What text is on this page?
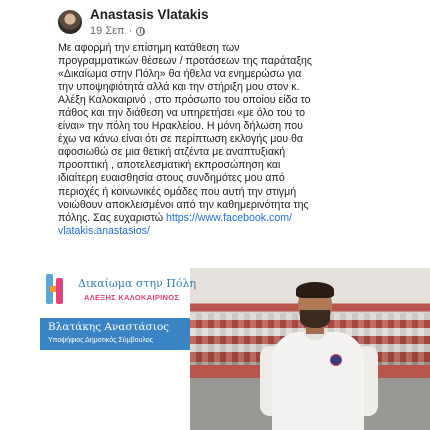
Anastasis Vlatakis
19 Σεπ ·
Με αφορμή την επίσημη κατάθεση των
προγραμματικών θέσεων / προτάσεων της παράταξης
«Δικαίωμα στην Πόλη» θα ήθελα να ενημερώσω για
την υποψηφιότητά αλλά και την στήριξη μου στον κ.
Αλέξη Καλοκαιρινό , στο πρόσωπο του οποίου είδα το
πάθος και την διάθεση να υπηρετήσει «με όλο του το
είναι» την πόλη του Ηρακλείου. Η μόνη δήλωση που
έχω να κάνω είναι ότι σε περίπτωση εκλογής μου θα
αφοσιωθώ σε μια θετική ατζέντα με αναπτυξιακή
προοπτική , αποτελεσματική εκπροσώπηση και
ιδιαίτερη ευαισθησία στους συνδημότες μου από
περιοχές ή κοινωνικές ομάδες που αυτή την στιγμή
νοιώθουν αποκλεισμένοι από την καθημερινότητα της
πόλης. Σας ευχαριστώ https://www.facebook.com/
vlatakis.anastasios/
Δικαίωμα στην Πόλη
ΑΛΕΞΗΣ ΚΑΛΟΚΑΙΡΙΝΟΣ
Βλατάκης Αναστάσιος
Υποψήφιος Δημοτικός Σύμβουλος
